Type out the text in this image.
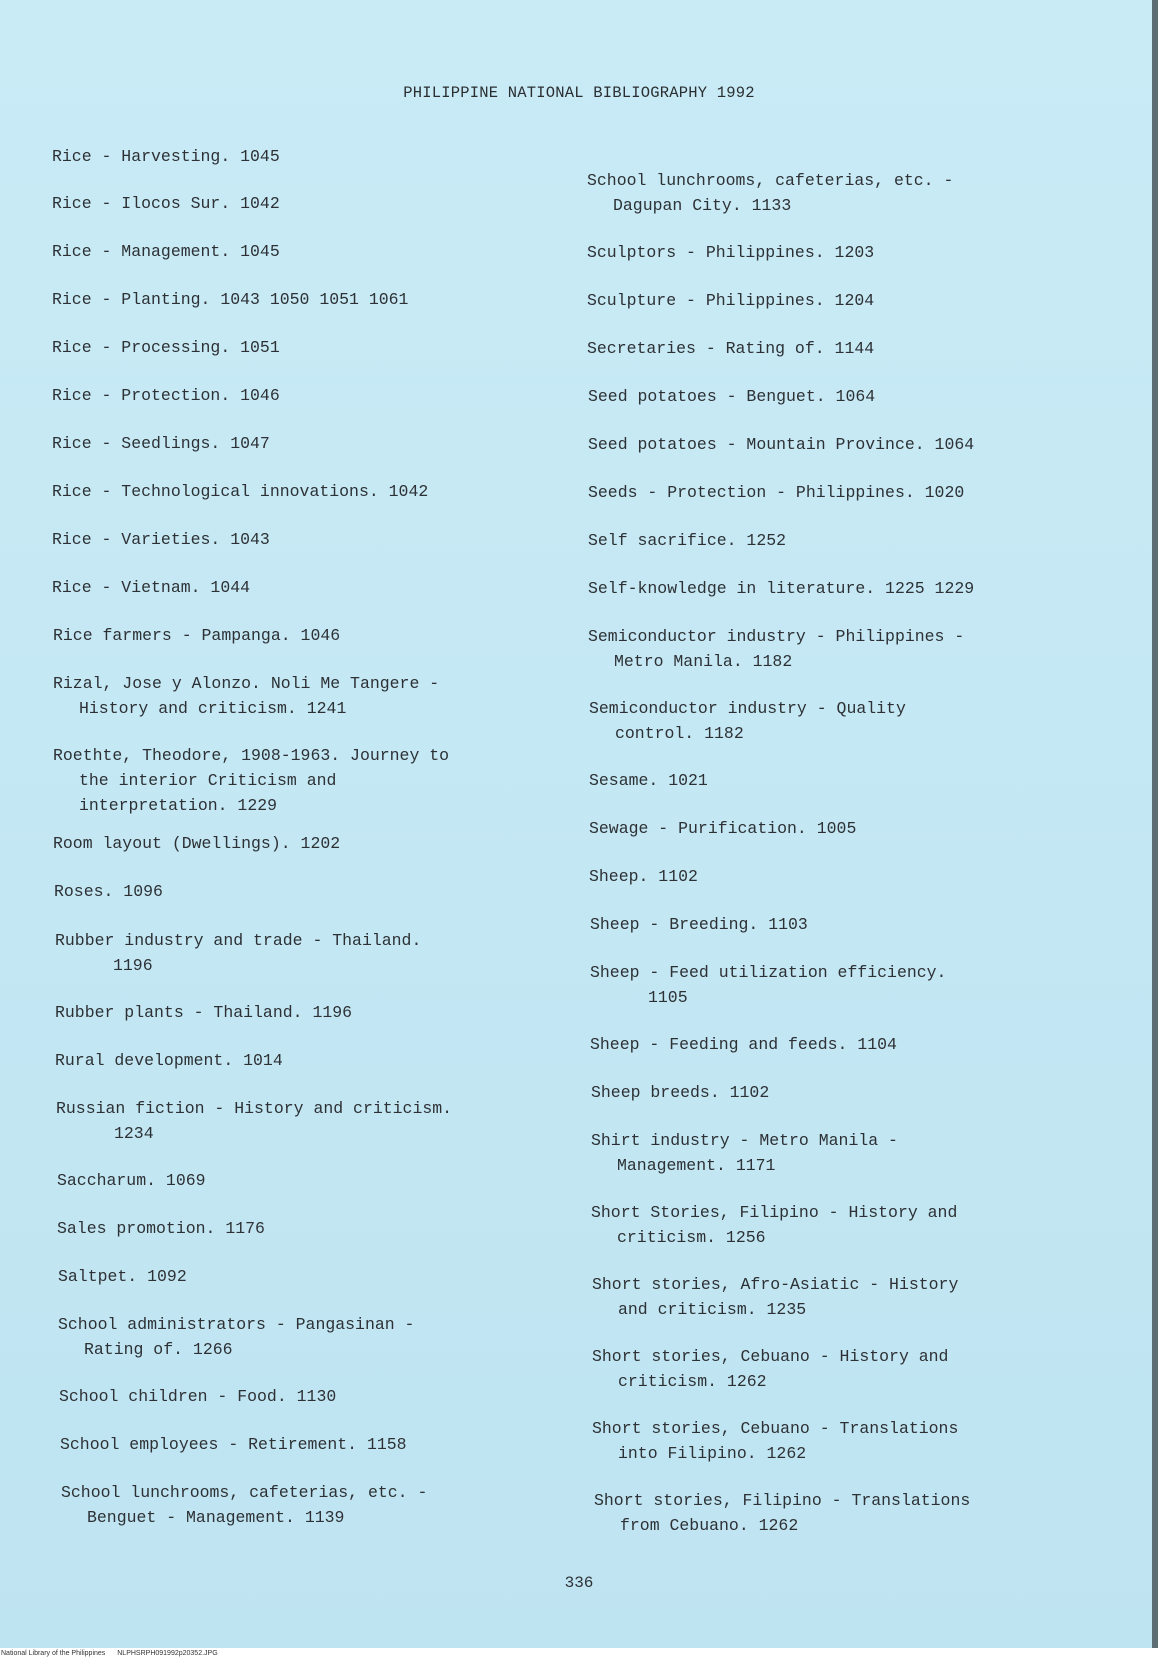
PHILIPPINE NATIONAL BIBLIOGRAPHY 1992
Rice - Harvesting. 1045
Rice - Ilocos Sur. 1042
Rice - Management. 1045
Rice - Planting. 1043 1050 1051 1061
Rice - Processing. 1051
Rice - Protection. 1046
Rice - Seedlings. 1047
Rice - Technological innovations. 1042
Rice - Varieties. 1043
Rice - Vietnam. 1044
Rice farmers - Pampanga. 1046
Rizal, Jose y Alonzo. Noli Me Tangere -
History and criticism. 1241
Roethte, Theodore, 1908-1963. Journey to
the interior Criticism and
interpretation. 1229
Room layout (Dwellings). 1202
Roses. 1096
Rubber industry and trade - Thailand.
1196
Rubber plants - Thailand. 1196
Rural development. 1014
Russian fiction - History and criticism.
1234
Saccharum. 1069
Sales promotion. 1176
Saltpet. 1092
School administrators - Pangasinan -
Rating of. 1266
School children - Food. 1130
School employees - Retirement. 1158
School lunchrooms, cafeterias, etc. -
Benguet - Management. 1139
School lunchrooms, cafeterias, etc. -
Dagupan City. 1133
Sculptors - Philippines. 1203
Sculpture - Philippines. 1204
Secretaries - Rating of. 1144
Seed potatoes - Benguet. 1064
Seed potatoes - Mountain Province. 1064
Seeds - Protection - Philippines. 1020
Self sacrifice. 1252
Self-knowledge in literature. 1225 1229
Semiconductor industry - Philippines -
Metro Manila. 1182
Semiconductor industry - Quality
control. 1182
Sesame. 1021
Sewage - Purification. 1005
Sheep. 1102
Sheep - Breeding. 1103
Sheep - Feed utilization efficiency.
1105
Sheep - Feeding and feeds. 1104
Sheep breeds. 1102
Shirt industry - Metro Manila -
Management. 1171
Short Stories, Filipino - History and
criticism. 1256
Short stories, Afro-Asiatic - History
and criticism. 1235
Short stories, Cebuano - History and
criticism. 1262
Short stories, Cebuano - Translations
into Filipino. 1262
Short stories, Filipino - Translations
from Cebuano. 1262
336
National Library of the Philippines NLPHSRPH091992p20352.JPG
